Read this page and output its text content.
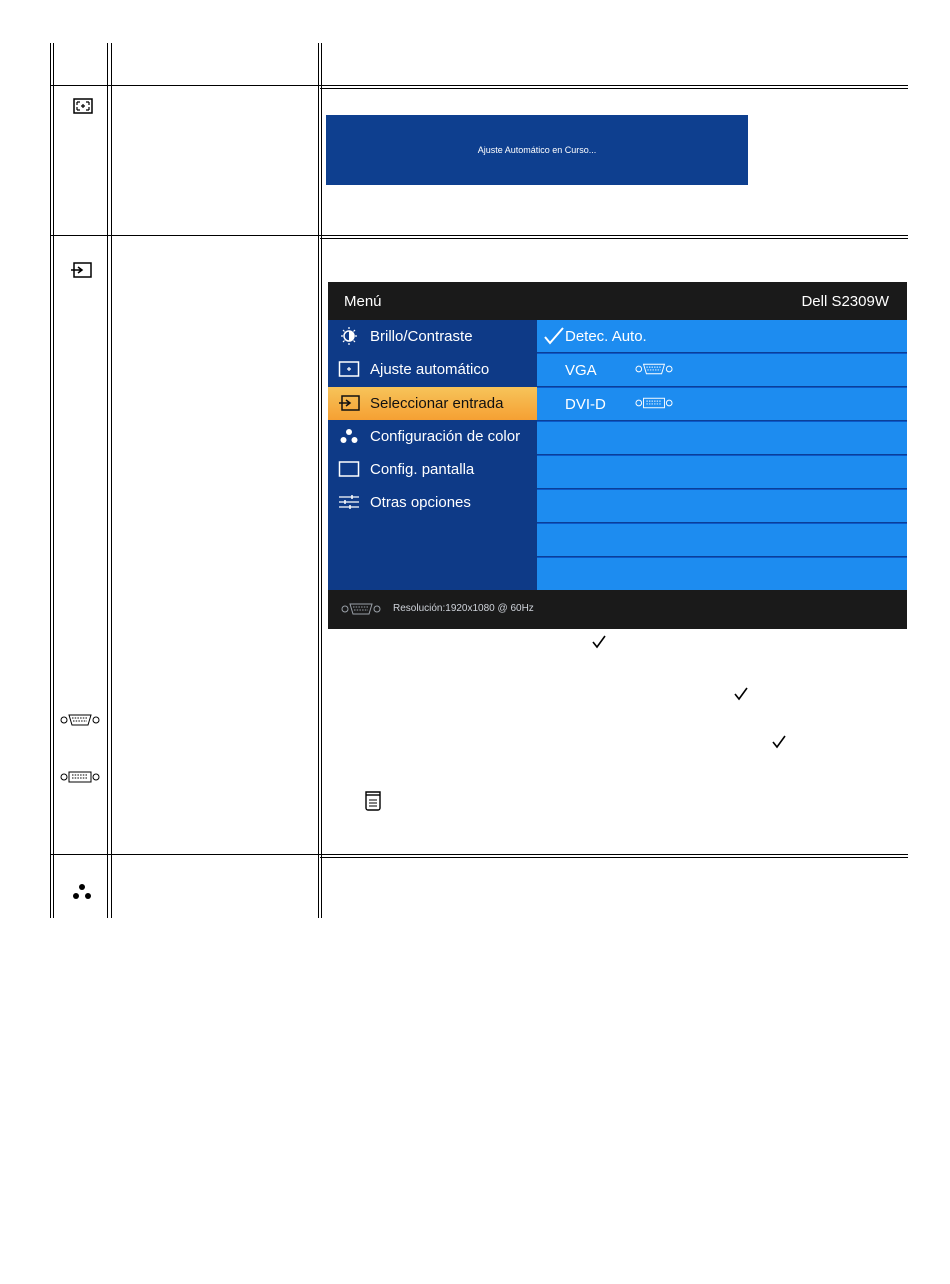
Ajuste Automático en Curso...
Menú	Dell S2309W
Brillo/Contraste
Ajuste automático
Seleccionar entrada
Configuración de color
Config. pantalla
Otras opciones
Detec. Auto.
VGA
DVI-D
Resolución:1920x1080 @ 60Hz
